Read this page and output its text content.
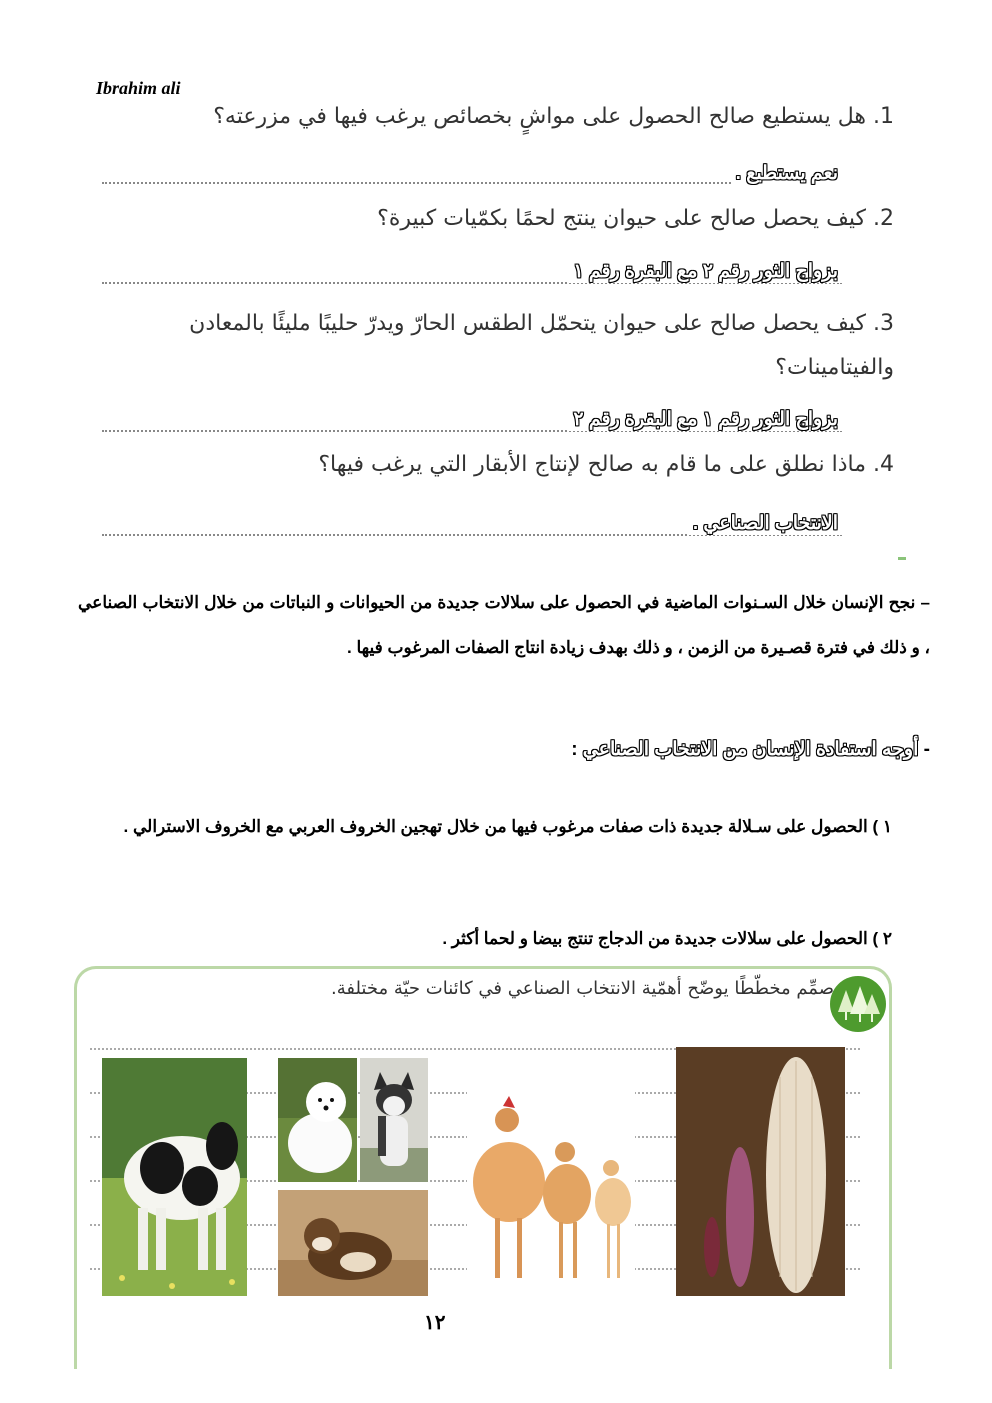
Ibrahim ali
1. هل يستطيع صالح الحصول على مواشٍ بخصائص يرغب فيها في مزرعته؟
نعم يستطيع .
2. كيف يحصل صالح على حيوان ينتج لحمًا بكمّيات كبيرة؟
بزواج الثور رقم ٢ مع البقرة رقم ١
3. كيف يحصل صالح على حيوان يتحمّل الطقس الحارّ ويدرّ حليبًا مليئًا بالمعادن والفيتامينات؟
بزواج الثور رقم ١ مع البقرة رقم ٢
4. ماذا نطلق على ما قام به صالح لإنتاج الأبقار التي يرغب فيها؟
الانتخاب الصناعي .
– نجح الإنسان خلال السـنوات الماضية في الحصول على سلالات جديدة من الحيوانات و النباتات من خلال الانتخاب الصناعي ، و ذلك في فترة قصـيرة من الزمن ، و ذلك بهدف زيادة انتاج الصفات المرغوب فيها .
- أوجه استفادة الإنسان من الانتخاب الصناعي :
١ ) الحصول على سـلالة جديدة ذات صفات مرغوب فيها من خلال تهجين الخروف العربي مع الخروف الاسترالي .
٢ ) الحصول على سلالات جديدة من الدجاج تنتج بيضا و لحما أكثر .
صمِّم مخطّطًا يوضّح أهمّية الانتخاب الصناعي في كائنات حيّة مختلفة.
١٢
